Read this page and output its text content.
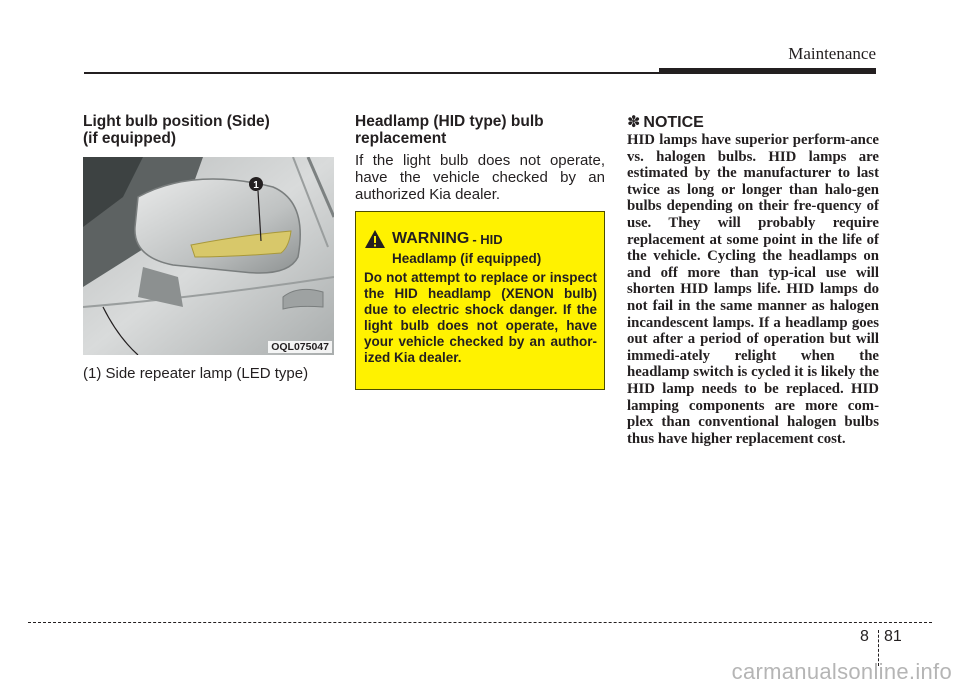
Maintenance
Light bulb position (Side)
(if equipped)
1
OQL075047
(1) Side repeater lamp (LED type)
Headlamp (HID type) bulb
replacement
If the light bulb does not operate, have the vehicle checked by an authorized Kia dealer.
WARNING - HID
Headlamp (if equipped)
Do not attempt to replace or inspect the HID headlamp (XENON bulb) due to electric shock danger. If the light bulb does not operate, have your vehicle checked by an author-ized Kia dealer.
✽ NOTICE
HID lamps have superior perform-ance vs. halogen bulbs. HID lamps are estimated by the manufacturer to last twice as long or longer than halo-gen bulbs depending on their fre-quency of use. They will probably require replacement at some point in the life of the vehicle. Cycling the headlamps on and off more than typ-ical use will shorten HID lamps life. HID lamps do not fail in the same manner as halogen incandescent lamps. If a headlamp goes out after a period of operation but will immedi-ately relight when the headlamp switch is cycled it is likely the HID lamp needs to be replaced. HID lamping components are more com-plex than conventional halogen bulbs thus have higher replacement cost.
8 81
carmanualsonline.info
